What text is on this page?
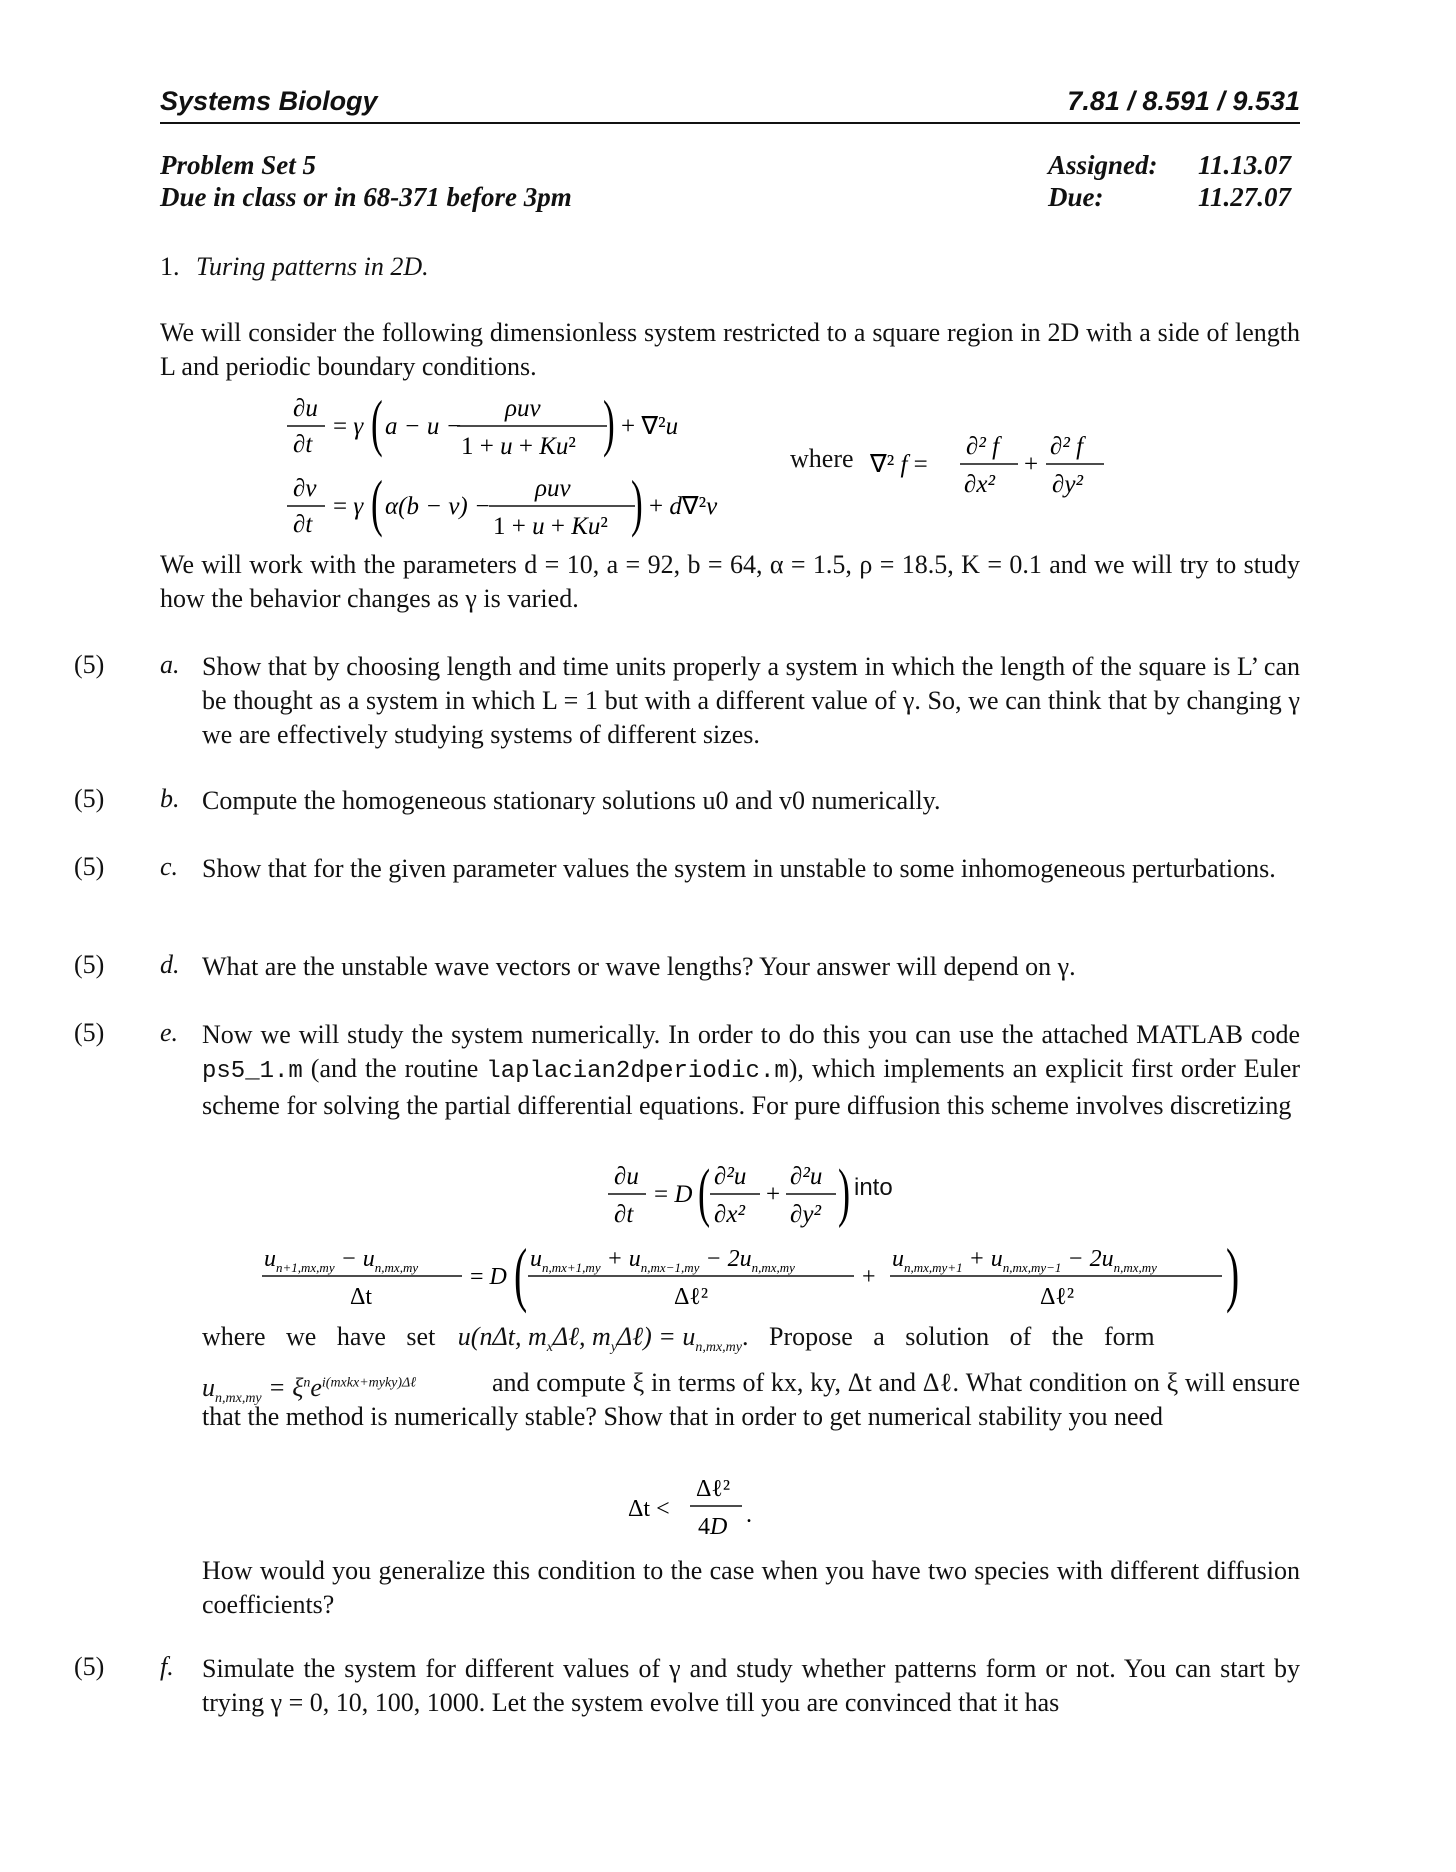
Systems Biology	7.81 / 8.591 / 9.531
Problem Set 5
Due in class or in 68-371 before 3pm
Assigned: 11.13.07
Due:	11.27.07
1. Turing patterns in 2D.
We will consider the following dimensionless system restricted to a square region in 2D with a side of length L and periodic boundary conditions.
∂u
∂t
= γ ( a − u −
ρuv
1 + u + Ku² ) + ∇²u
∂v
∂t
= γ ( α(b − v) −
ρuv
1 + u + Ku² ) + d∇²v
where ∇² f =
∂² f
∂x²
+
∂² f
∂y²
We will work with the parameters d = 10, a = 92, b = 64, α = 1.5, ρ = 18.5, K = 0.1 and we will try to study how the behavior changes as γ is varied.
(5) a. Show that by choosing length and time units properly a system in which the length of the square is L’ can be thought as a system in which L = 1 but with a different value of γ. So, we can think that by changing γ we are effectively studying systems of different sizes.
(5) b. Compute the homogeneous stationary solutions u0 and v0 numerically.
(5) c. Show that for the given parameter values the system in unstable to some inhomogeneous perturbations.
(5) d. What are the unstable wave vectors or wave lengths? Your answer will depend on γ.
(5) e. Now we will study the system numerically. In order to do this you can use the attached MATLAB code ps5_1.m (and the routine laplacian2dperiodic.m), which implements an explicit first order Euler scheme for solving the partial differential equations. For pure diffusion this scheme involves discretizing
∂u
∂t
= D ( ∂²u
∂x²
+
∂²u
∂y² ) into
$u_{n+1,mx,my} - u_{n,mx,my}$
Δt
= D ( $u_{n,mx+1,my} + u_{n,mx-1,my} - 2u_{n,mx,my}$
Δℓ²
+
$u_{n,mx,my+1} + u_{n,mx,my-1} - 2u_{n,mx,my}$
Δℓ² )
where we have set u(nΔt, $m_x\Delta\ell$, $m_y\Delta\ell) = u_{n,mx,my}$. Propose a solution of the form
$u_{n,mx,my} = \xi^ne^{i(mxkx+myky)\Delta\ell}$	and compute ξ in terms of kx, ky, Δt and Δℓ. What condition on ξ will ensure that the method is numerically stable? Show that in order to get numerical stability you need
Δt <
Δℓ²
4D .
How would you generalize this condition to the case when you have two species with different diffusion coefficients?
(5) f. Simulate the system for different values of γ and study whether patterns form or not. You can start by trying γ = 0, 10, 100, 1000. Let the system evolve till you are convinced that it has
